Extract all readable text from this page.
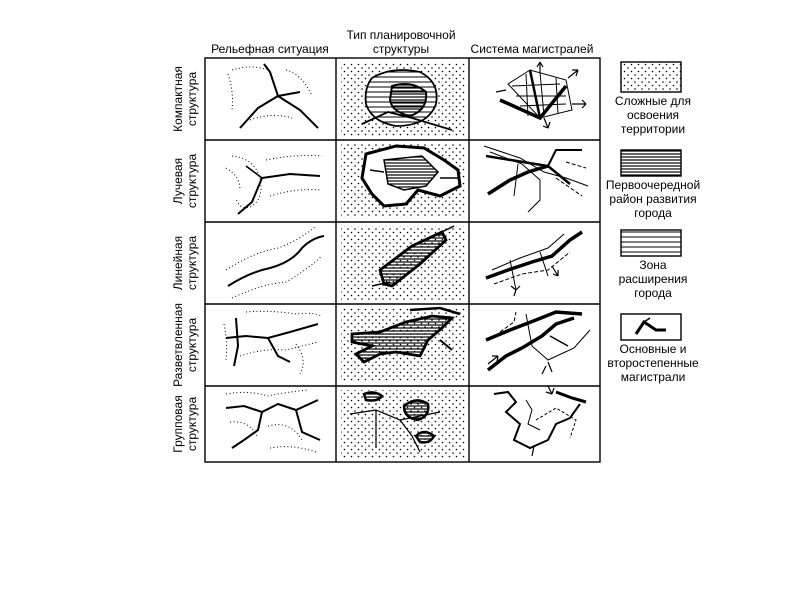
Рельефная ситуация
Тип планировочной
структуры	Система магистралей
Компактная
структура
Лучевая
структура
Линейная
структура
Разветвленная
структура
Групповая
структура
Сложные для
освоения
территории
Первоочередной
район развития
города
Зона
расширения
города
Основные и
второстепенные
магистрали
